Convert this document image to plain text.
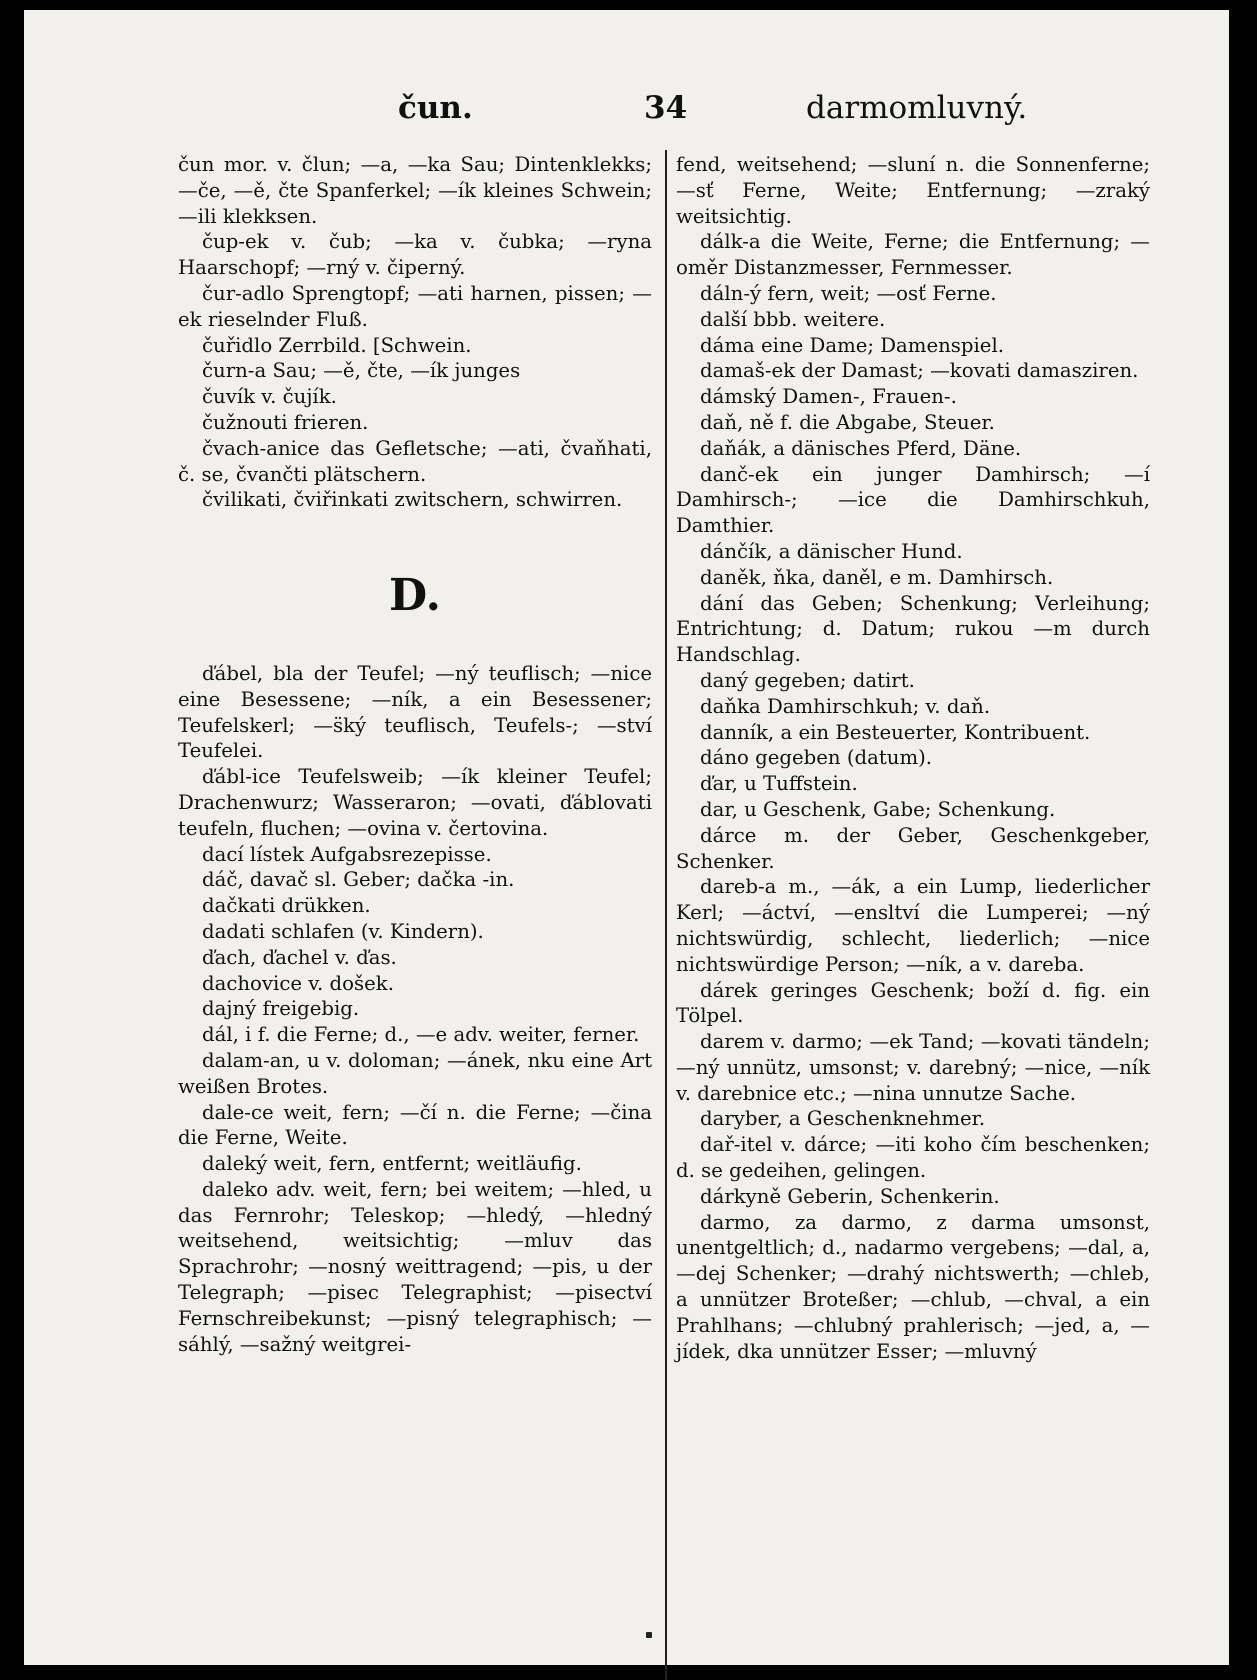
čun.	34	darmomluvný.

čun mor. v. člun; —a, —ka Sau; Dintenklekks; —če, —ě, čte Spanferkel; —ík kleines Schwein; —ili klekksen.

čup-ek v. čub; —ka v. čubka; —ryna Haarschopf; —rný v. čiperný.

čur-adlo Sprengtopf; —ati harnen, pissen; —ek rieselnder Fluß.

čuřidlo Zerrbild. [Schwein.

čurn-a Sau; —ě, čte, —ík junges

čuvík v. čujík.

čužnouti frieren.

čvach-anice das Gefletsche; —ati, čvaňhati, č. se, čvančti plätschern.

čvilikati, čviřinkati zwitschern, schwirren.

D.

ďábel, bla der Teufel; —ný teuflisch; —nice eine Besessene; —ník, a ein Besessener; Teufelskerl; —s̈ký teuflisch, Teufels-; —ství Teufelei.

ďábl-ice Teufelsweib; —ík kleiner Teufel; Drachenwurz; Wasseraron; —ovati, ďáblovati teufeln, fluchen; —ovina v. čertovina.

dací lístek Aufgabsrezepisse.

dáč, davač sl. Geber; dačka -in.

dačkati drükken.

dadati schlafen (v. Kindern).

ďach, ďachel v. ďas.

dachovice v. došek.

dajný freigebig.

dál, i f. die Ferne; d., —e adv. weiter, ferner.

dalam-an, u v. doloman; —ánek, nku eine Art weißen Brotes.

dale-ce weit, fern; —čí n. die Ferne; —čina die Ferne, Weite.

daleký weit, fern, entfernt; weitläufig.

daleko adv. weit, fern; bei weitem; —hled, u das Fernrohr; Teleskop; —hledý, —hledný weitsehend, weitsichtig; —mluv das Sprachrohr; —nosný weittragend; —pis, u der Telegraph; —pisec Telegraphist; —pisectví Fernschreibekunst; —pisný telegraphisch; —sáhlý, —sažný weitgrei-

fend, weitsehend; —sluní n. die Sonnenferne; —sť Ferne, Weite; Entfernung; —zraký weitsichtig.

dálk-a die Weite, Ferne; die Entfernung; —oměr Distanzmesser, Fernmesser.

dáln-ý fern, weit; —osť Ferne.

další bbb. weitere.

dáma eine Dame; Damenspiel.

damaš-ek der Damast; —kovati damasziren.

dámský Damen-, Frauen-.

daň, ně f. die Abgabe, Steuer.

daňák, a dänisches Pferd, Däne.

danč-ek ein junger Damhirsch; —í Damhirsch-; —ice die Damhirschkuh, Damthier.

dánčík, a dänischer Hund.

daněk, ňka, daněl, e m. Damhirsch.

dání das Geben; Schenkung; Verleihung; Entrichtung; d. Datum; rukou —m durch Handschlag.

daný gegeben; datirt.

daňka Damhirschkuh; v. daň.

danník, a ein Besteuerter, Kontribuent.

dáno gegeben (datum).

ďar, u Tuffstein.

dar, u Geschenk, Gabe; Schenkung.

dárce m. der Geber, Geschenkgeber, Schenker.

dareb-a m., —ák, a ein Lump, liederlicher Kerl; —áctví, —ensltví die Lumperei; —ný nichtswürdig, schlecht, liederlich; —nice nichtswürdige Person; —ník, a v. dareba.

dárek geringes Geschenk; boží d. fig. ein Tölpel.

darem v. darmo; —ek Tand; —kovati tändeln; —ný unnütz, umsonst; v. darebný; —nice, —ník v. darebnice etc.; —nina unnutze Sache.

daryber, a Geschenknehmer.

dař-itel v. dárce; —iti koho čím beschenken; d. se gedeihen, gelingen.

dárkyně Geberin, Schenkerin.

darmo, za darmo, z darma umsonst, unentgeltlich; d., nadarmo vergebens; —dal, a, —dej Schenker; —drahý nichtswerth; —chleb, a unnützer Broteßer; —chlub, —chval, a ein Prahlhans; —chlubný prahlerisch; —jed, a, —jídek, dka unnützer Esser; —mluvný
